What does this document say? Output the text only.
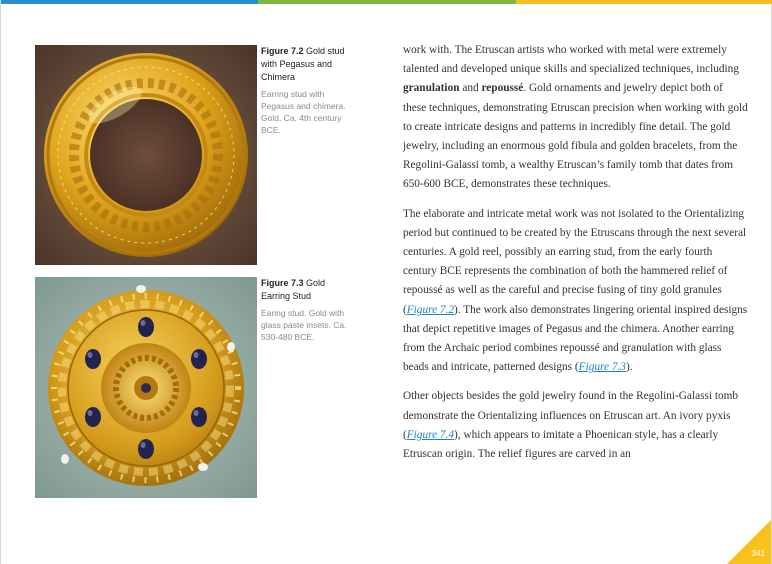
Figure 7.2 Gold stud with Pegasus and Chimera
Earring stud with Pegasus and chimera. Gold. Ca. 4th century BCE.
Figure 7.3 Gold Earring Stud
Earing stud. Gold with glass paste insets. Ca. 530-480 BCE.

work with. The Etruscan artists who worked with metal were extremely talented and developed unique skills and specialized techniques, including granulation and repoussé. Gold ornaments and jewelry depict both of these techniques, demonstrating Etruscan precision when working with gold to create intricate designs and patterns in incredibly fine detail. The gold jewelry, including an enormous gold fibula and golden bracelets, from the Regolini-Galassi tomb, a wealthy Etruscan’s family tomb that dates from 650-600 BCE, demonstrates these techniques.

The elaborate and intricate metal work was not isolated to the Orientalizing period but continued to be created by the Etruscans through the next several centuries. A gold reel, possibly an earring stud, from the early fourth century BCE represents the combination of both the hammered relief of repoussé as well as the careful and precise fusing of tiny gold granules (Figure 7.2). The work also demonstrates lingering oriental inspired designs that depict repetitive images of Pegasus and the chimera. Another earring from the Archaic period combines repoussé and granulation with glass beads and intricate, patterned designs (Figure 7.3).

Other objects besides the gold jewelry found in the Regolini-Galassi tomb demonstrate the Orientalizing influences on Etruscan art. An ivory pyxis (Figure 7.4), which appears to imitate a Phoenican style, has a clearly Etruscan origin. The relief figures are carved in an

341
